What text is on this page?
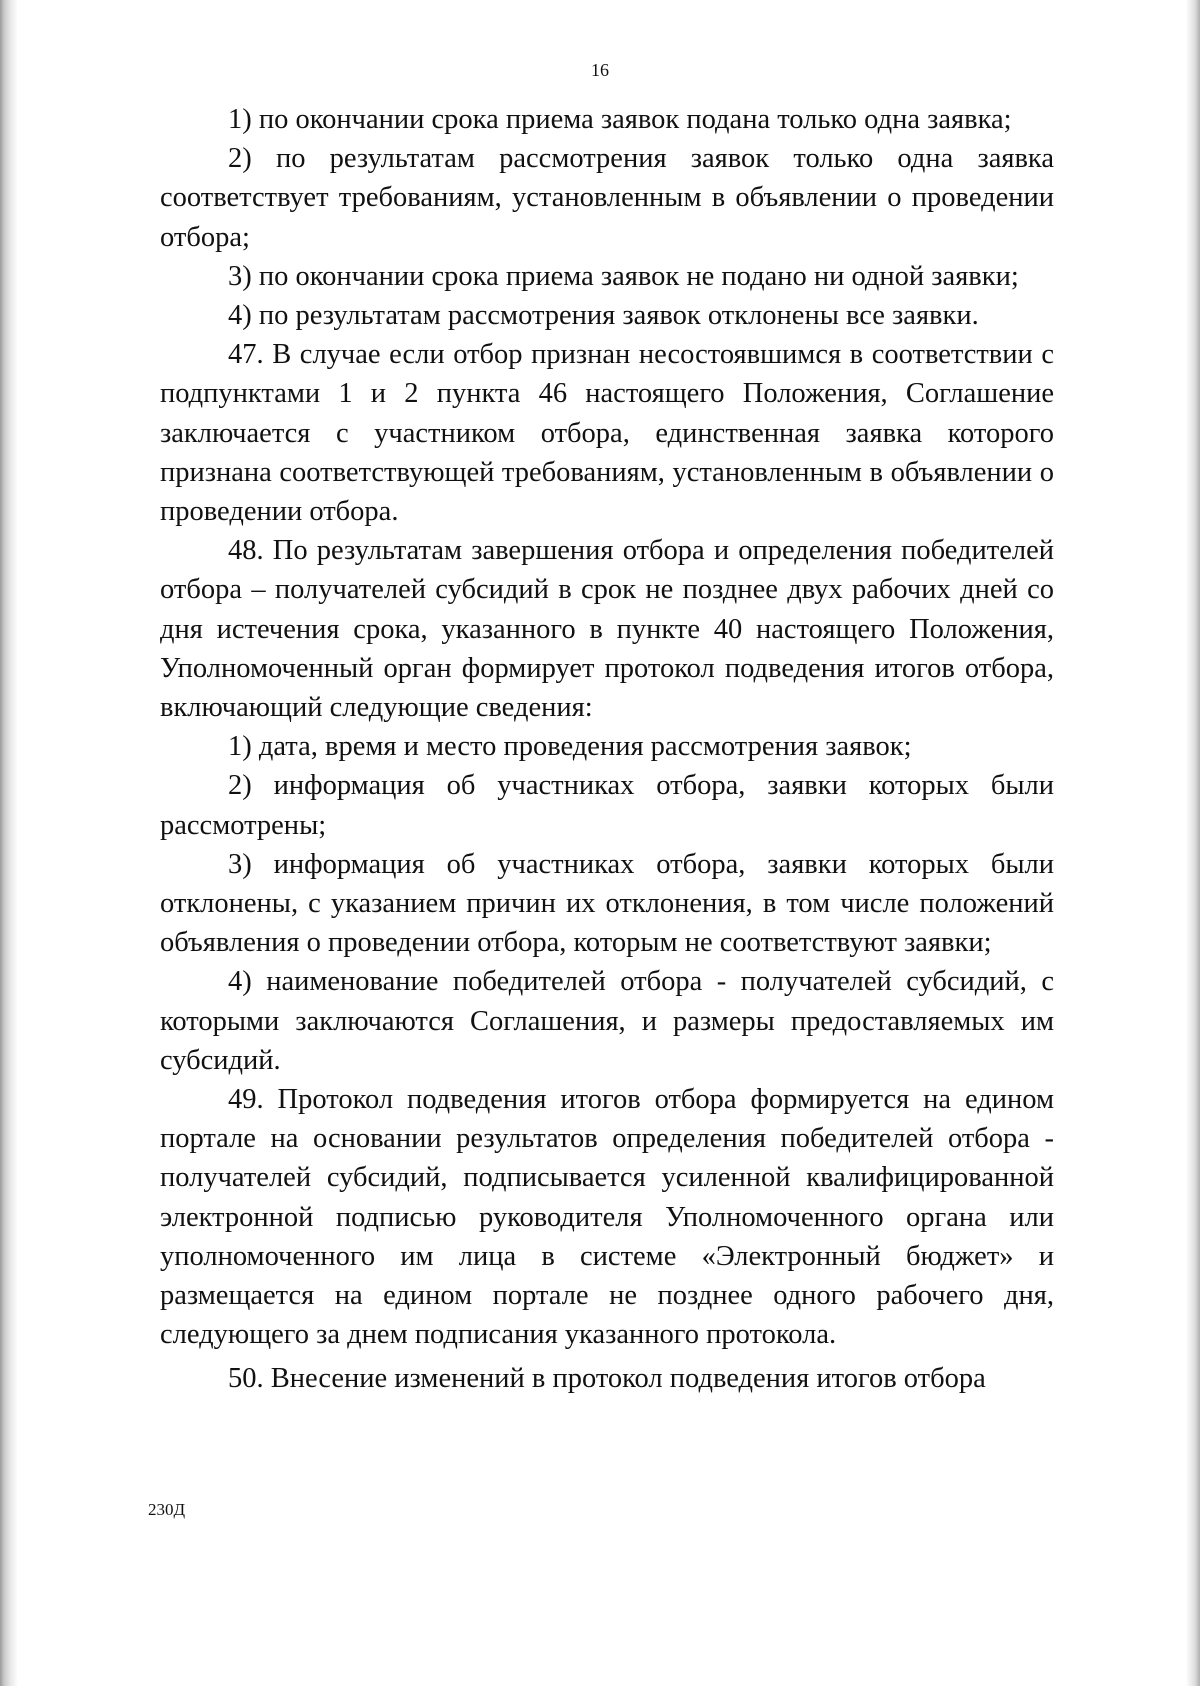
16

1) по окончании срока приема заявок подана только одна заявка;

2) по результатам рассмотрения заявок только одна заявка соответствует требованиям, установленным в объявлении о проведении отбора;

3) по окончании срока приема заявок не подано ни одной заявки;

4) по результатам рассмотрения заявок отклонены все заявки.

47. В случае если отбор признан несостоявшимся в соответствии с подпунктами 1 и 2 пункта 46 настоящего Положения, Соглашение заключается с участником отбора, единственная заявка которого признана соответствующей требованиям, установленным в объявлении о проведении отбора.

48. По результатам завершения отбора и определения победителей отбора – получателей субсидий в срок не позднее двух рабочих дней со дня истечения срока, указанного в пункте 40 настоящего Положения, Уполномоченный орган формирует протокол подведения итогов отбора, включающий следующие сведения:

1) дата, время и место проведения рассмотрения заявок;

2) информация об участниках отбора, заявки которых были рассмотрены;

3) информация об участниках отбора, заявки которых были отклонены, с указанием причин их отклонения, в том числе положений объявления о проведении отбора, которым не соответствуют заявки;

4) наименование победителей отбора - получателей субсидий, с которыми заключаются Соглашения, и размеры предоставляемых им субсидий.

49. Протокол подведения итогов отбора формируется на едином портале на основании результатов определения победителей отбора - получателей субсидий, подписывается усиленной квалифицированной электронной подписью руководителя Уполномоченного органа или уполномоченного им лица в системе «Электронный бюджет» и размещается на едином портале не позднее одного рабочего дня, следующего за днем подписания указанного протокола.

50. Внесение изменений в протокол подведения итогов отбора

230Д
